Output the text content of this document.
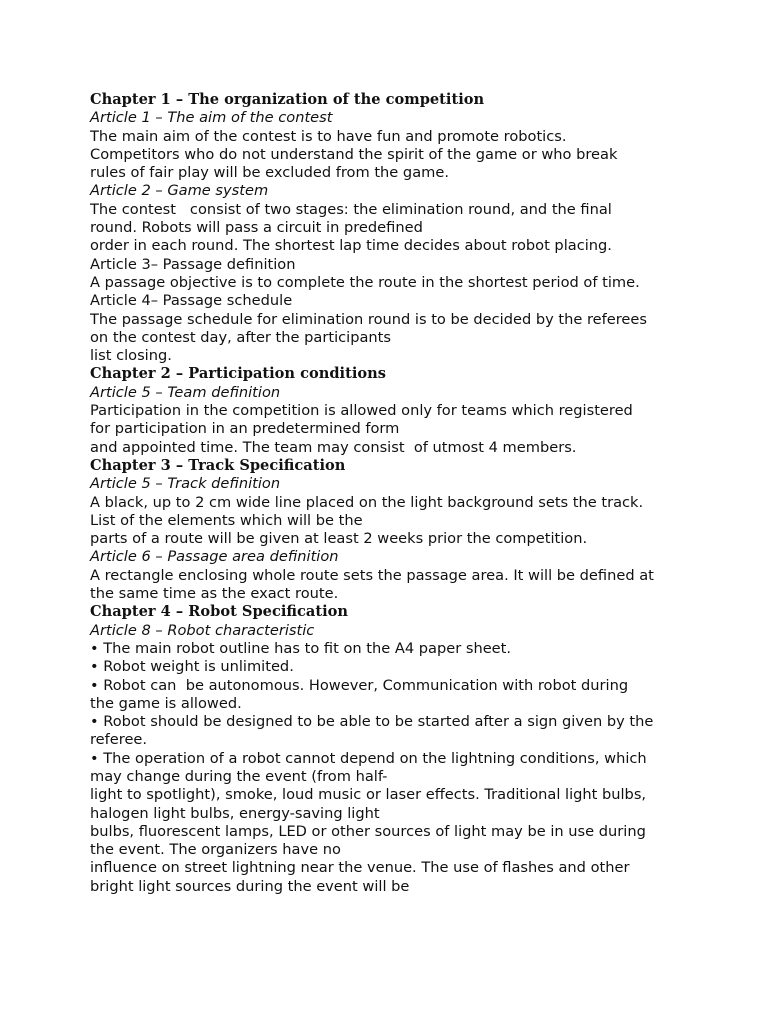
Chapter 1 – The organization of the competition

Article 1 – The aim of the contest

The main aim of the contest is to have fun and promote robotics.

Competitors who do not understand the spirit of the game or who break

rules of fair play will be excluded from the game.

Article 2 – Game system

The contest   consist of two stages: the elimination round, and the final

round. Robots will pass a circuit in predefined

order in each round. The shortest lap time decides about robot placing.

Article 3– Passage definition

A passage objective is to complete the route in the shortest period of time.

Article 4– Passage schedule

The passage schedule for elimination round is to be decided by the referees

on the contest day, after the participants

list closing.

Chapter 2 – Participation conditions

Article 5 – Team definition

Participation in the competition is allowed only for teams which registered

for participation in an predetermined form

and appointed time. The team may consist  of utmost 4 members.

Chapter 3 – Track Specification

Article 5 – Track definition

A black, up to 2 cm wide line placed on the light background sets the track.

List of the elements which will be the

parts of a route will be given at least 2 weeks prior the competition.

Article 6 – Passage area definition

A rectangle enclosing whole route sets the passage area. It will be defined at

the same time as the exact route.

Chapter 4 – Robot Specification

Article 8 – Robot characteristic

• The main robot outline has to fit on the A4 paper sheet.

• Robot weight is unlimited.

• Robot can  be autonomous. However, Communication with robot during

the game is allowed.

• Robot should be designed to be able to be started after a sign given by the

referee.

• The operation of a robot cannot depend on the lightning conditions, which

may change during the event (from half-

light to spotlight), smoke, loud music or laser effects. Traditional light bulbs,

halogen light bulbs, energy-saving light

bulbs, fluorescent lamps, LED or other sources of light may be in use during

the event. The organizers have no

influence on street lightning near the venue. The use of flashes and other

bright light sources during the event will be
